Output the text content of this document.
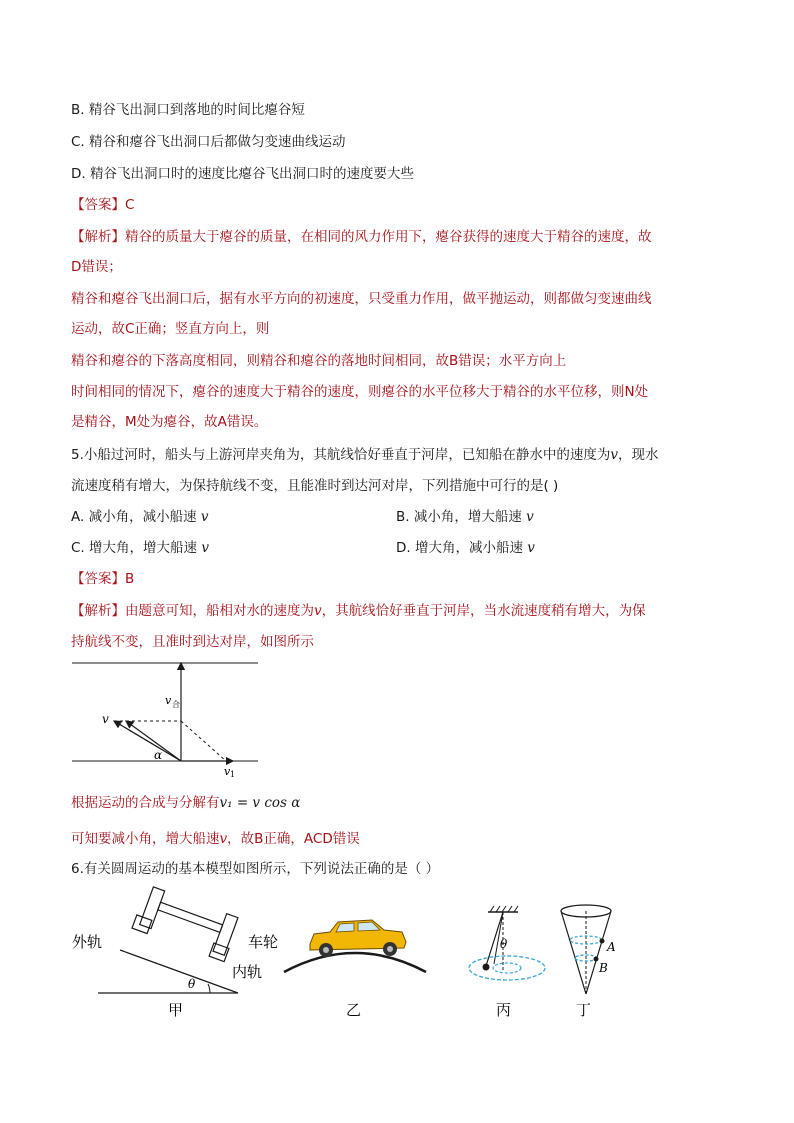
B. 精谷飞出洞口到落地的时间比瘪谷短
C. 精谷和瘪谷飞出洞口后都做匀变速曲线运动
D. 精谷飞出洞口时的速度比瘪谷飞出洞口时的速度要大些
【答案】C
【解析】精谷的质量大于瘪谷的质量，在相同的风力作用下，瘪谷获得的速度大于精谷的速度，故
D错误；
精谷和瘪谷飞出洞口后，据有水平方向的初速度，只受重力作用，做平抛运动，则都做匀变速曲线
运动，故C正确；竖直方向上，则
精谷和瘪谷的下落高度相同，则精谷和瘪谷的落地时间相同，故B错误；水平方向上
时间相同的情况下，瘪谷的速度大于精谷的速度，则瘪谷的水平位移大于精谷的水平位移，则N处
是精谷，M处为瘪谷，故A错误。
5.小船过河时，船头与上游河岸夹角为，其航线恰好垂直于河岸，已知船在静水中的速度为v，现水
流速度稍有增大，为保持航线不变，且能准时到达河对岸，下列措施中可行的是( )
A. 减小角，减小船速 v	B. 减小角，增大船速 v
C. 增大角，增大船速 v	D. 增大角，减小船速 v
【答案】B
【解析】由题意可知，船相对水的速度为v，其航线恰好垂直于河岸，当水流速度稍有增大，为保
持航线不变，且准时到达对岸，如图所示
v
v 合
α
v 1
根据运动的合成与分解有v₁ = v cos α
可知要减小角，增大船速v，故B正确，ACD错误
6.有关圆周运动的基本模型如图所示，下列说法正确的是（ ）
外轨	车轮
内轨
θ
甲	乙
θ
丙
A
B
丁
